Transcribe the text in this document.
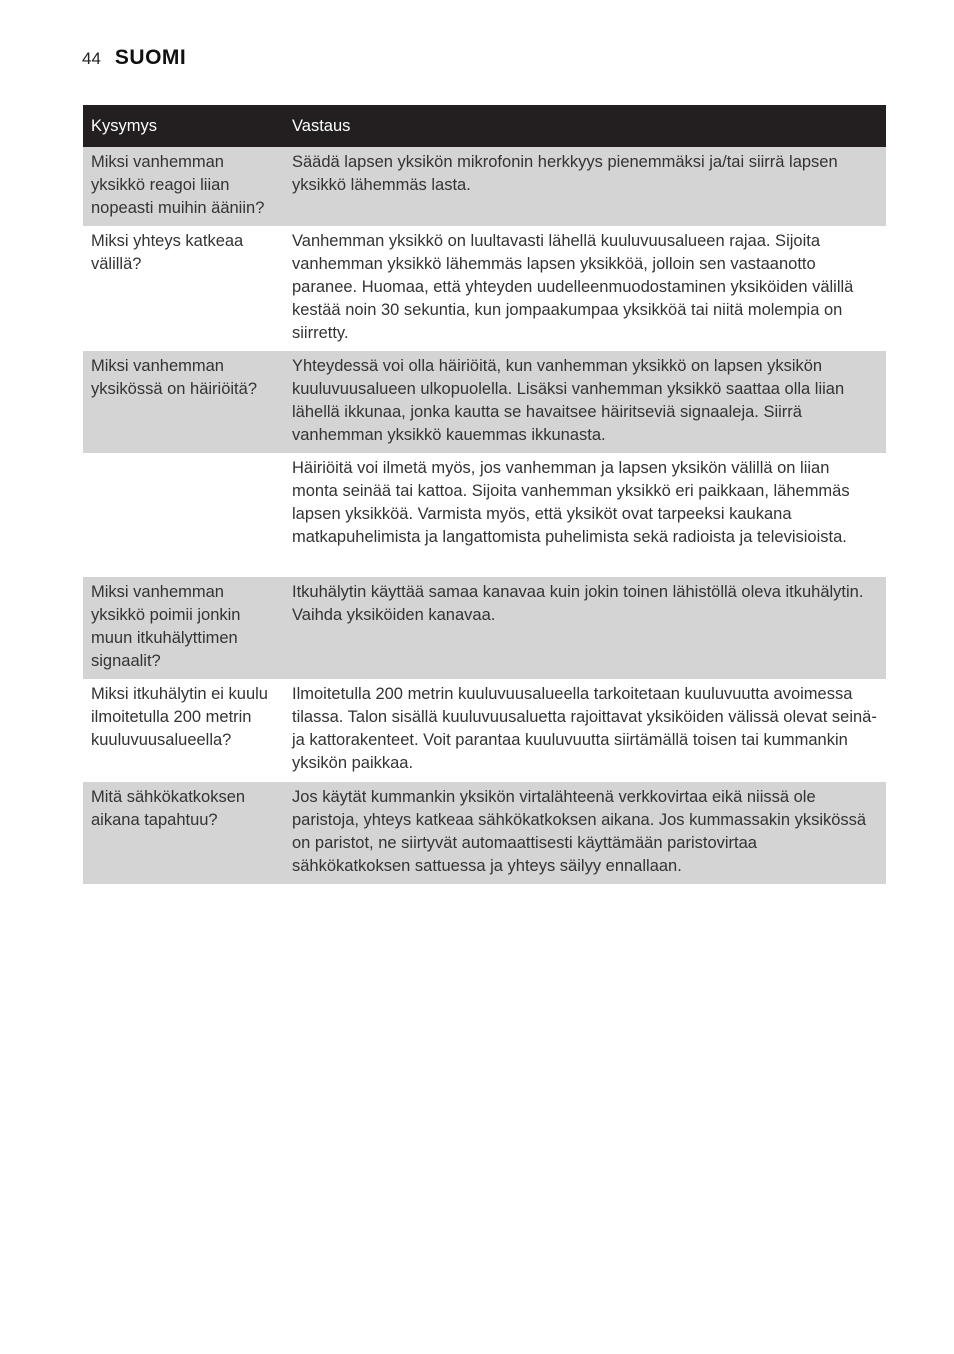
44 SUOMI
Kysymys	Vastaus
Miksi vanhemman yksikkö reagoi liian nopeasti muihin ääniin?	Säädä lapsen yksikön mikrofonin herkkyys pienemmäksi ja/tai siirrä lapsen yksikkö lähemmäs lasta.
Miksi yhteys katkeaa välillä?	Vanhemman yksikkö on luultavasti lähellä kuuluvuusalueen rajaa. Sijoita vanhemman yksikkö lähemmäs lapsen yksikköä, jolloin sen vastaanotto paranee. Huomaa, että yhteyden uudelleenmuodostaminen yksiköiden välillä kestää noin 30 sekuntia, kun jompaakumpaa yksikköä tai niitä molempia on siirretty.
Miksi vanhemman yksikössä on häiriöitä?	Yhteydessä voi olla häiriöitä, kun vanhemman yksikkö on lapsen yksikön kuuluvuusalueen ulkopuolella. Lisäksi vanhemman yksikkö saattaa olla liian lähellä ikkunaa, jonka kautta se havaitsee häiritseviä signaaleja. Siirrä vanhemman yksikkö kauemmas ikkunasta.
	Häiriöitä voi ilmetä myös, jos vanhemman ja lapsen yksikön välillä on liian monta seinää tai kattoa. Sijoita vanhemman yksikkö eri paikkaan, lähemmäs lapsen yksikköä. Varmista myös, että yksiköt ovat tarpeeksi kaukana matkapuhelimista ja langattomista puhelimista sekä radioista ja televisioista.
Miksi vanhemman yksikkö poimii jonkin muun itkuhälyttimen signaalit?	Itkuhälytin käyttää samaa kanavaa kuin jokin toinen lähistöllä oleva itkuhälytin. Vaihda yksiköiden kanavaa.
Miksi itkuhälytin ei kuulu ilmoitetulla 200 metrin kuuluvuusalueella?	Ilmoitetulla 200 metrin kuuluvuusalueella tarkoitetaan kuuluvuutta avoimessa tilassa. Talon sisällä kuuluvuusaluetta rajoittavat yksiköiden välissä olevat seinä- ja kattorakenteet. Voit parantaa kuuluvuutta siirtämällä toisen tai kummankin yksikön paikkaa.
Mitä sähkökatkoksen aikana tapahtuu?	Jos käytät kummankin yksikön virtalähteenä verkkovirtaa eikä niissä ole paristoja, yhteys katkeaa sähkökatkoksen aikana. Jos kummassakin yksikössä on paristot, ne siirtyvät automaattisesti käyttämään paristovirtaa sähkökatkoksen sattuessa ja yhteys säilyy ennallaan.
